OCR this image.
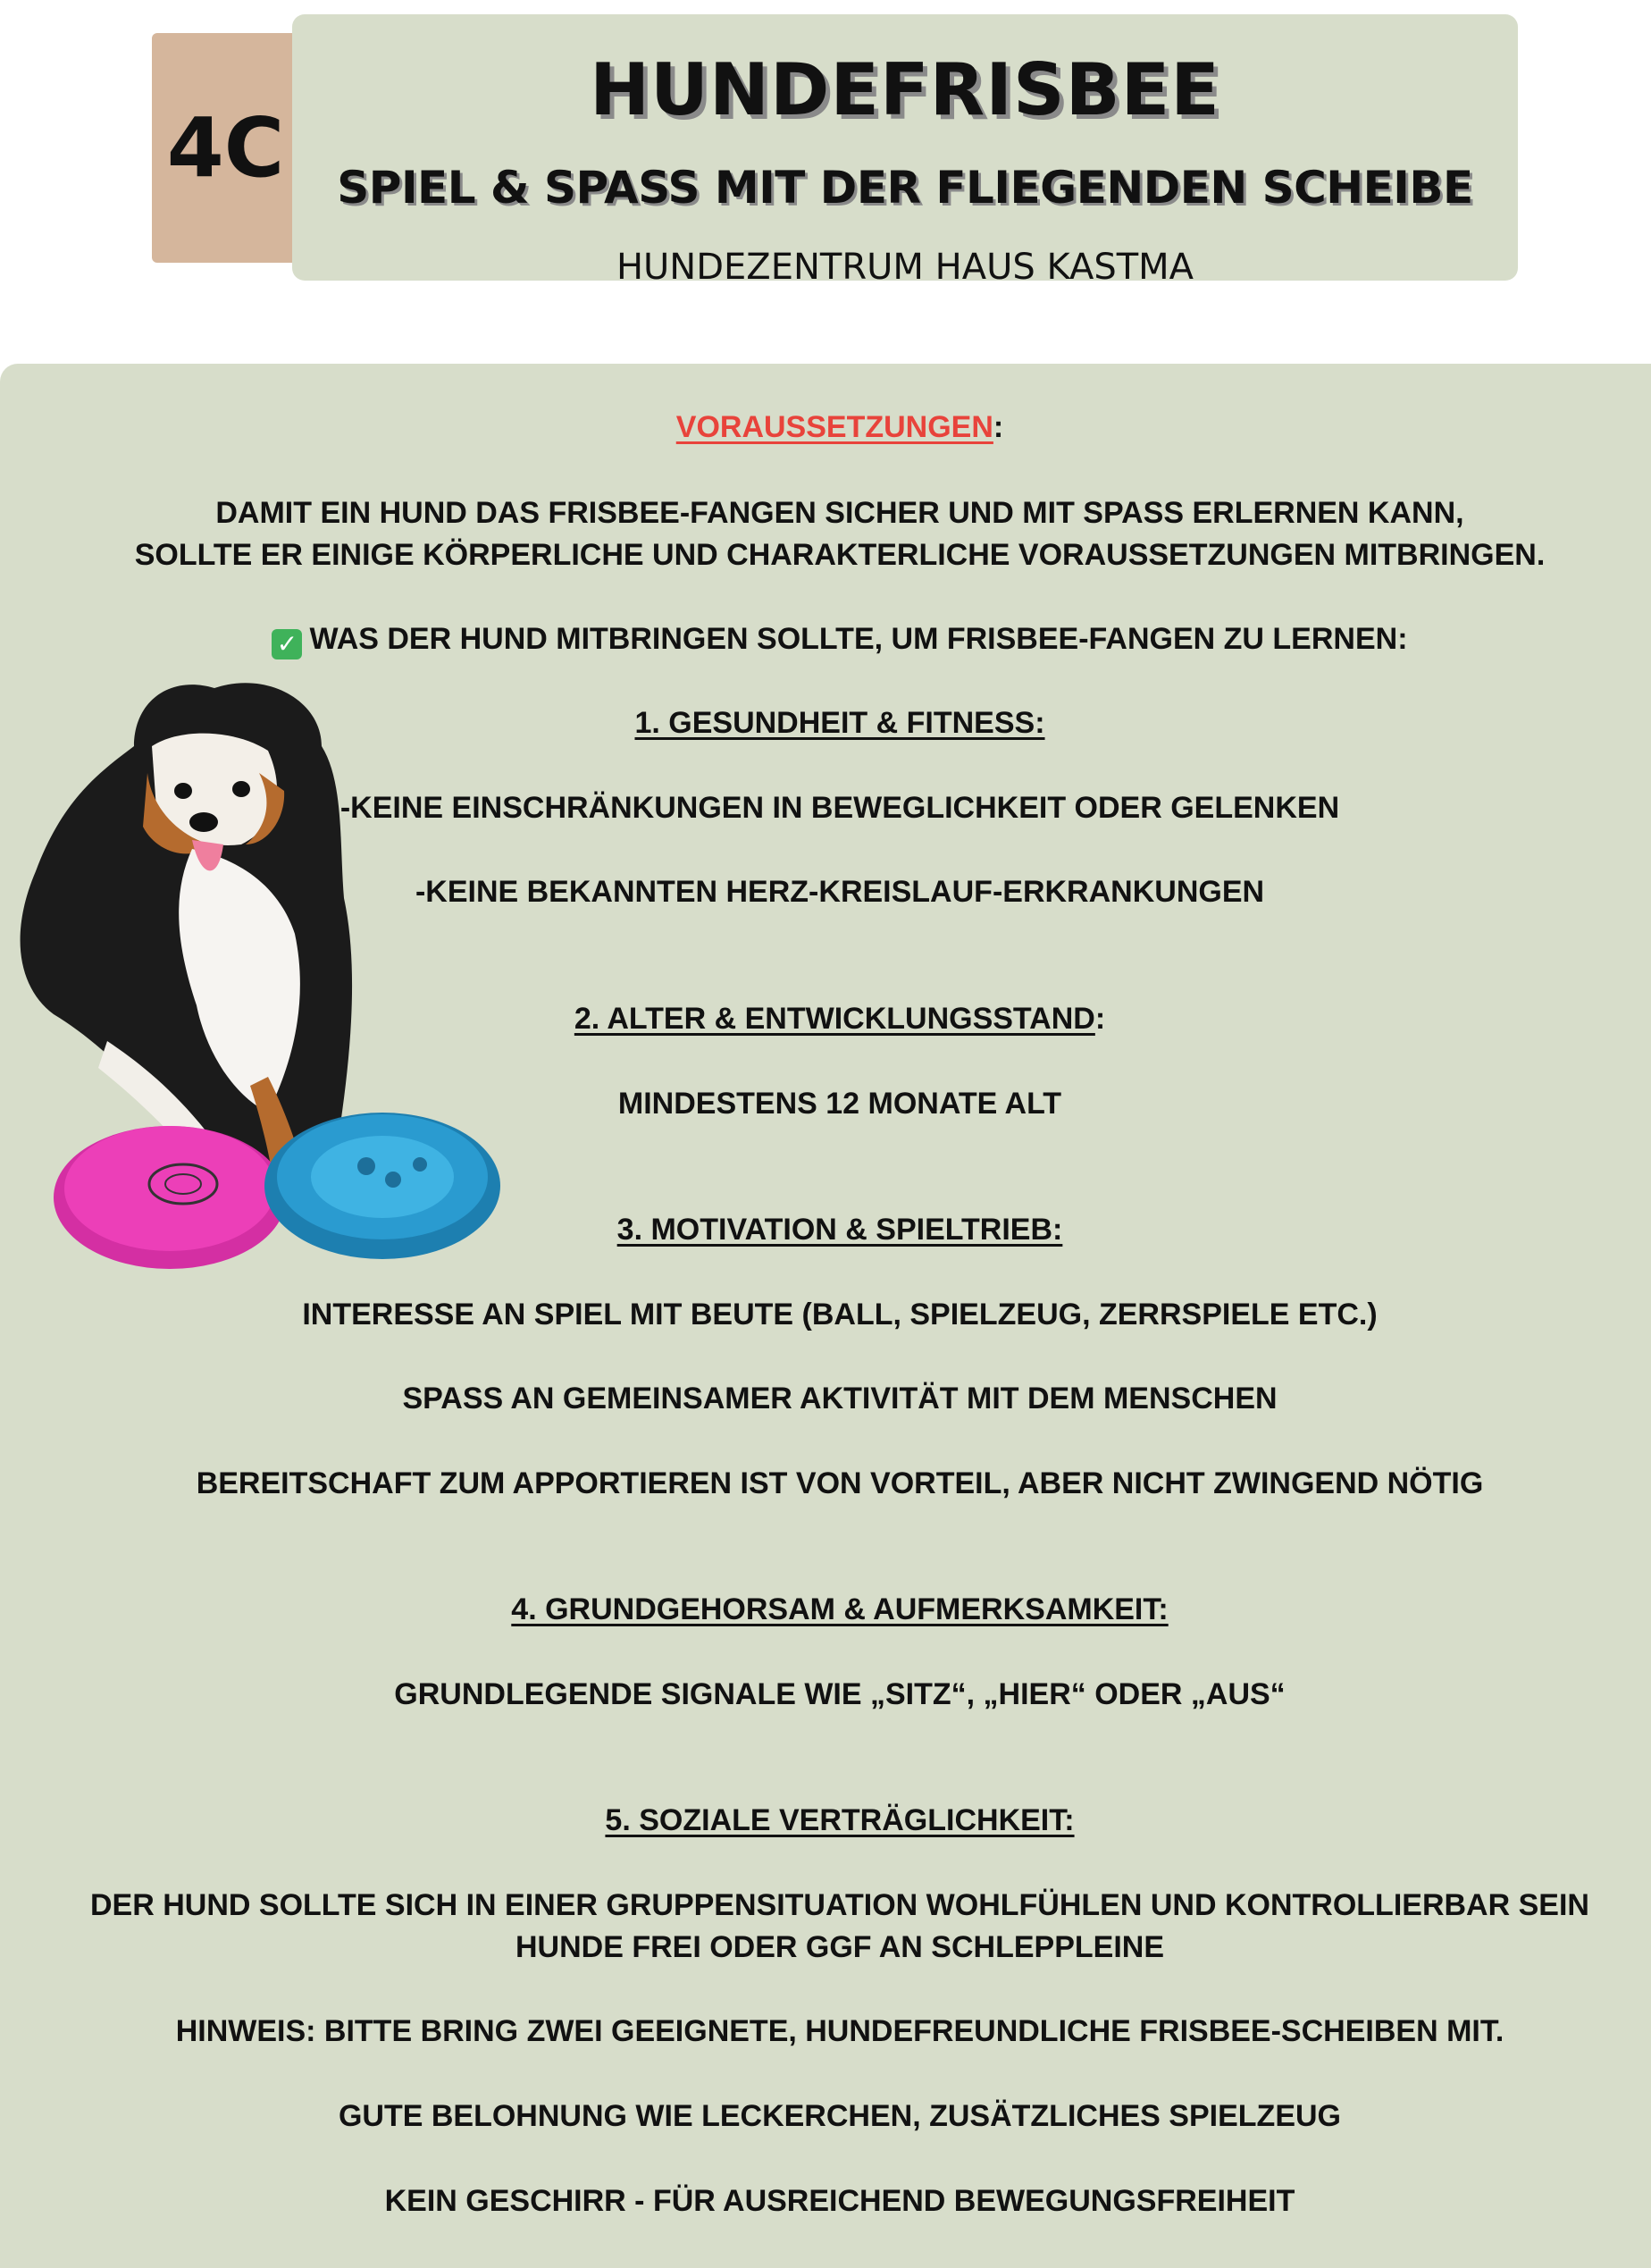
4C
HUNDEFRISBEE
SPIEL & SPASS MIT DER FLIEGENDEN SCHEIBE
HUNDEZENTRUM HAUS KASTMA
VORAUSSETZUNGEN:
DAMIT EIN HUND DAS FRISBEE-FANGEN SICHER UND MIT SPASS ERLERNEN KANN,
SOLLTE ER EINIGE KÖRPERLICHE UND CHARAKTERLICHE VORAUSSETZUNGEN MITBRINGEN.
✓ WAS DER HUND MITBRINGEN SOLLTE, UM FRISBEE-FANGEN ZU LERNEN:
1. GESUNDHEIT & FITNESS:
-KEINE EINSCHRÄNKUNGEN IN BEWEGLICHKEIT ODER GELENKEN
-KEINE BEKANNTEN HERZ-KREISLAUF-ERKRANKUNGEN
2. ALTER & ENTWICKLUNGSSTAND:
MINDESTENS 12 MONATE ALT
3. MOTIVATION & SPIELTRIEB:
INTERESSE AN SPIEL MIT BEUTE (BALL, SPIELZEUG, ZERRSPIELE ETC.)
SPASS AN GEMEINSAMER AKTIVITÄT MIT DEM MENSCHEN
BEREITSCHAFT ZUM APPORTIEREN IST VON VORTEIL, ABER NICHT ZWINGEND NÖTIG
4. GRUNDGEHORSAM & AUFMERKSAMKEIT:
GRUNDLEGENDE SIGNALE WIE „SITZ“, „HIER“ ODER „AUS“
5. SOZIALE VERTRÄGLICHKEIT:
DER HUND SOLLTE SICH IN EINER GRUPPENSITUATION WOHLFÜHLEN UND KONTROLLIERBAR SEIN
HUNDE FREI ODER GGF AN SCHLEPPLEINE
HINWEIS: BITTE BRING ZWEI GEEIGNETE, HUNDEFREUNDLICHE FRISBEE-SCHEIBEN MIT.
GUTE BELOHNUNG WIE LECKERCHEN, ZUSÄTZLICHES SPIELZEUG
KEIN GESCHIRR - FÜR AUSREICHEND BEWEGUNGSFREIHEIT
